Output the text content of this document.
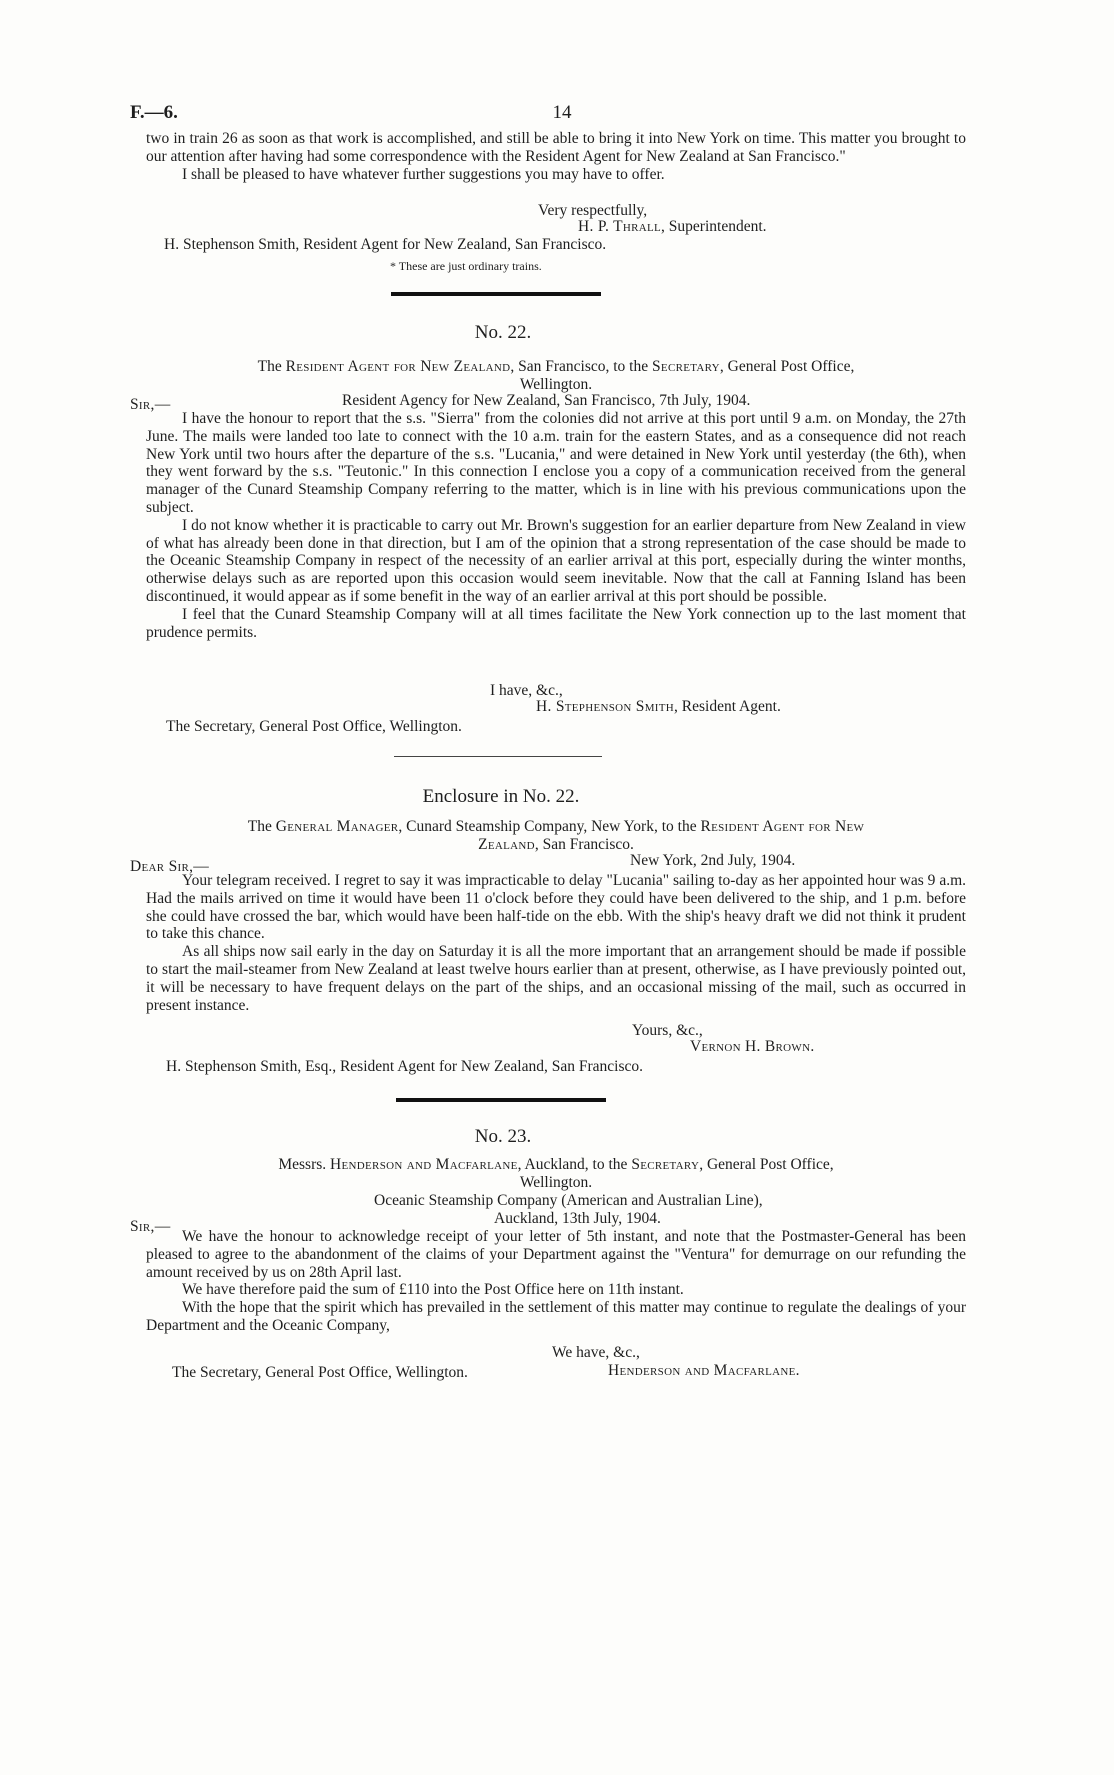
F.—6.	14

two in train 26 as soon as that work is accomplished, and still be able to bring it into New York on time. This matter you brought to our attention after having had some correspondence with the Resident Agent for New Zealand at San Francisco."

I shall be pleased to have whatever further suggestions you may have to offer.

Very respectfully,
H. P. Thrall, Superintendent.
H. Stephenson Smith, Resident Agent for New Zealand, San Francisco.
* These are just ordinary trains.
No. 22.
The Resident Agent for New Zealand, San Francisco, to the Secretary, General Post Office,
Wellington.
Sir,—	Resident Agency for New Zealand, San Francisco, 7th July, 1904.

I have the honour to report that the s.s. "Sierra" from the colonies did not arrive at this port until 9 a.m. on Monday, the 27th June. The mails were landed too late to connect with the 10 a.m. train for the eastern States, and as a consequence did not reach New York until two hours after the departure of the s.s. "Lucania," and were detained in New York until yesterday (the 6th), when they went forward by the s.s. "Teutonic." In this connection I enclose you a copy of a communication received from the general manager of the Cunard Steamship Company referring to the matter, which is in line with his previous communications upon the subject.

I do not know whether it is practicable to carry out Mr. Brown's suggestion for an earlier departure from New Zealand in view of what has already been done in that direction, but I am of the opinion that a strong representation of the case should be made to the Oceanic Steamship Company in respect of the necessity of an earlier arrival at this port, especially during the winter months, otherwise delays such as are reported upon this occasion would seem inevitable. Now that the call at Fanning Island has been discontinued, it would appear as if some benefit in the way of an earlier arrival at this port should be possible.

I feel that the Cunard Steamship Company will at all times facilitate the New York connection up to the last moment that prudence permits.

I have, &c.,
H. Stephenson Smith, Resident Agent.
The Secretary, General Post Office, Wellington.
Enclosure in No. 22.
The General Manager, Cunard Steamship Company, New York, to the Resident Agent for New
Zealand, San Francisco.
Dear Sir,—	New York, 2nd July, 1904.

Your telegram received. I regret to say it was impracticable to delay "Lucania" sailing to-day as her appointed hour was 9 a.m. Had the mails arrived on time it would have been 11 o'clock before they could have been delivered to the ship, and 1 p.m. before she could have crossed the bar, which would have been half-tide on the ebb. With the ship's heavy draft we did not think it prudent to take this chance.

As all ships now sail early in the day on Saturday it is all the more important that an arrangement should be made if possible to start the mail-steamer from New Zealand at least twelve hours earlier than at present, otherwise, as I have previously pointed out, it will be necessary to have frequent delays on the part of the ships, and an occasional missing of the mail, such as occurred in present instance.

Yours, &c.,
Vernon H. Brown.
H. Stephenson Smith, Esq., Resident Agent for New Zealand, San Francisco.
No. 23.
Messrs. Henderson and Macfarlane, Auckland, to the Secretary, General Post Office,
Wellington.
Oceanic Steamship Company (American and Australian Line),
Auckland, 13th July, 1904.
Sir,—

We have the honour to acknowledge receipt of your letter of 5th instant, and note that the Postmaster-General has been pleased to agree to the abandonment of the claims of your Department against the "Ventura" for demurrage on our refunding the amount received by us on 28th April last.

We have therefore paid the sum of £110 into the Post Office here on 11th instant.

With the hope that the spirit which has prevailed in the settlement of this matter may continue to regulate the dealings of your Department and the Oceanic Company,

We have, &c.,
The Secretary, General Post Office, Wellington.	Henderson and Macfarlane.
